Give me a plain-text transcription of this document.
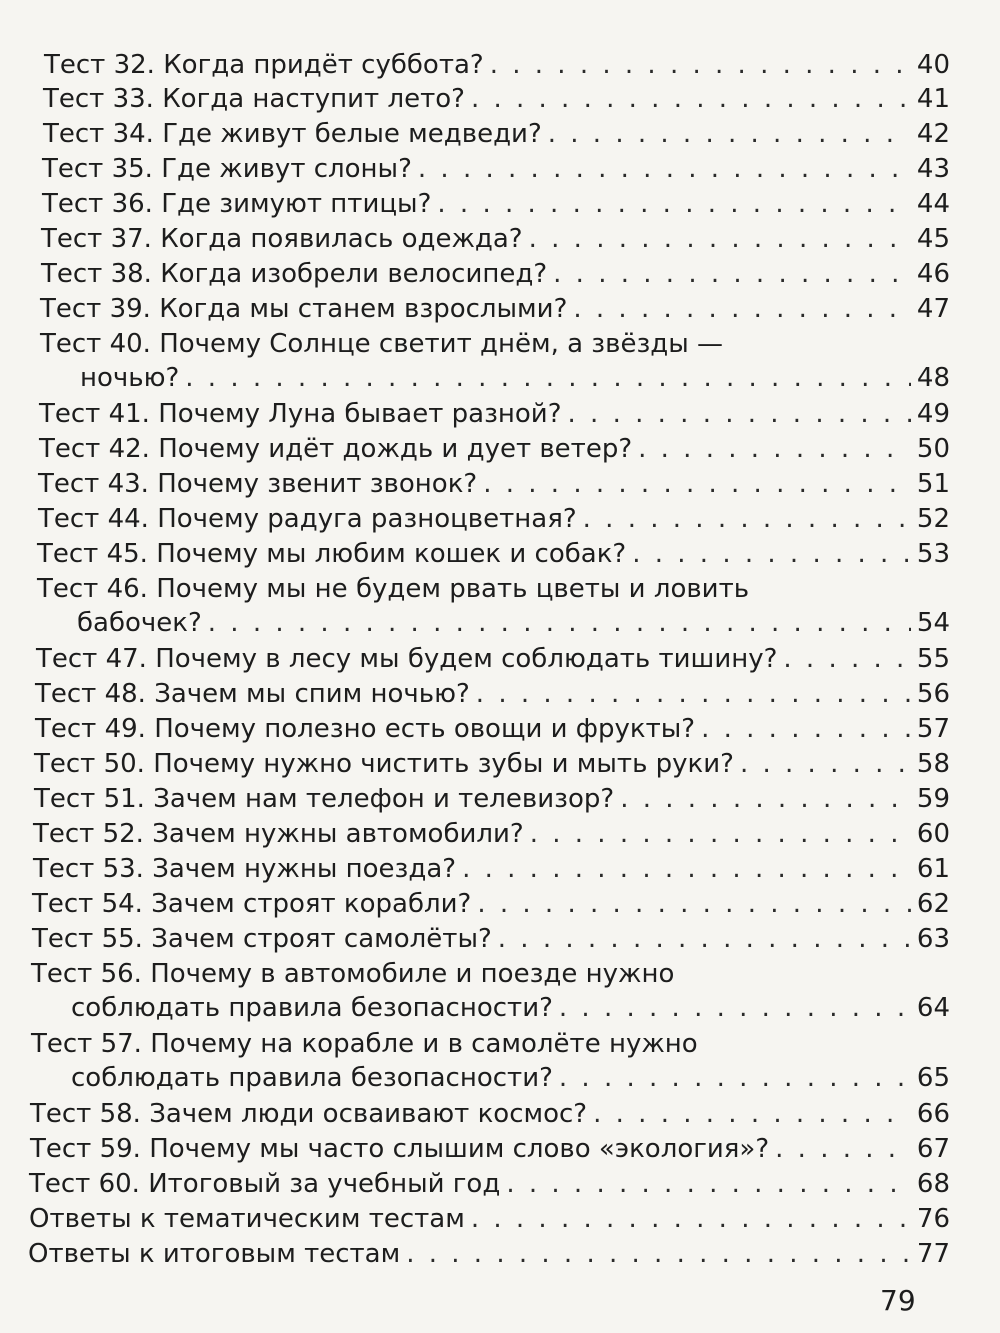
Тест 32. Когда придёт суббота? . . .	40
Тест 33. Когда наступит лето? . . .	41
Тест 34. Где живут белые медведи? . . .	42
Тест 35. Где живут слоны? . . .	43
Тест 36. Где зимуют птицы? . . .	44
Тест 37. Когда появилась одежда? . . .	45
Тест 38. Когда изобрели велосипед? . . .	46
Тест 39. Когда мы станем взрослыми? . . .	47
Тест 40. Почему Солнце светит днём, а звёзды —
ночью? . . .	48
Тест 41. Почему Луна бывает разной? . . .	49
Тест 42. Почему идёт дождь и дует ветер? . . .	50
Тест 43. Почему звенит звонок? . . .	51
Тест 44. Почему радуга разноцветная? . . .	52
Тест 45. Почему мы любим кошек и собак? . . .	53
Тест 46. Почему мы не будем рвать цветы и ловить
бабочек? . . .	54
Тест 47. Почему в лесу мы будем соблюдать тишину? . . .	55
Тест 48. Зачем мы спим ночью? . . .	56
Тест 49. Почему полезно есть овощи и фрукты? . . .	57
Тест 50. Почему нужно чистить зубы и мыть руки? . . .	58
Тест 51. Зачем нам телефон и телевизор? . . .	59
Тест 52. Зачем нужны автомобили? . . .	60
Тест 53. Зачем нужны поезда? . . .	61
Тест 54. Зачем строят корабли? . . .	62
Тест 55. Зачем строят самолёты? . . .	63
Тест 56. Почему в автомобиле и поезде нужно
соблюдать правила безопасности? . . .	64
Тест 57. Почему на корабле и в самолёте нужно
соблюдать правила безопасности? . . .	65
Тест 58. Зачем люди осваивают космос? . . .	66
Тест 59. Почему мы часто слышим слово «экология»? . . .	67
Тест 60. Итоговый за учебный год . . .	68
Ответы к тематическим тестам . . .	76
Ответы к итоговым тестам . . .	77
79
